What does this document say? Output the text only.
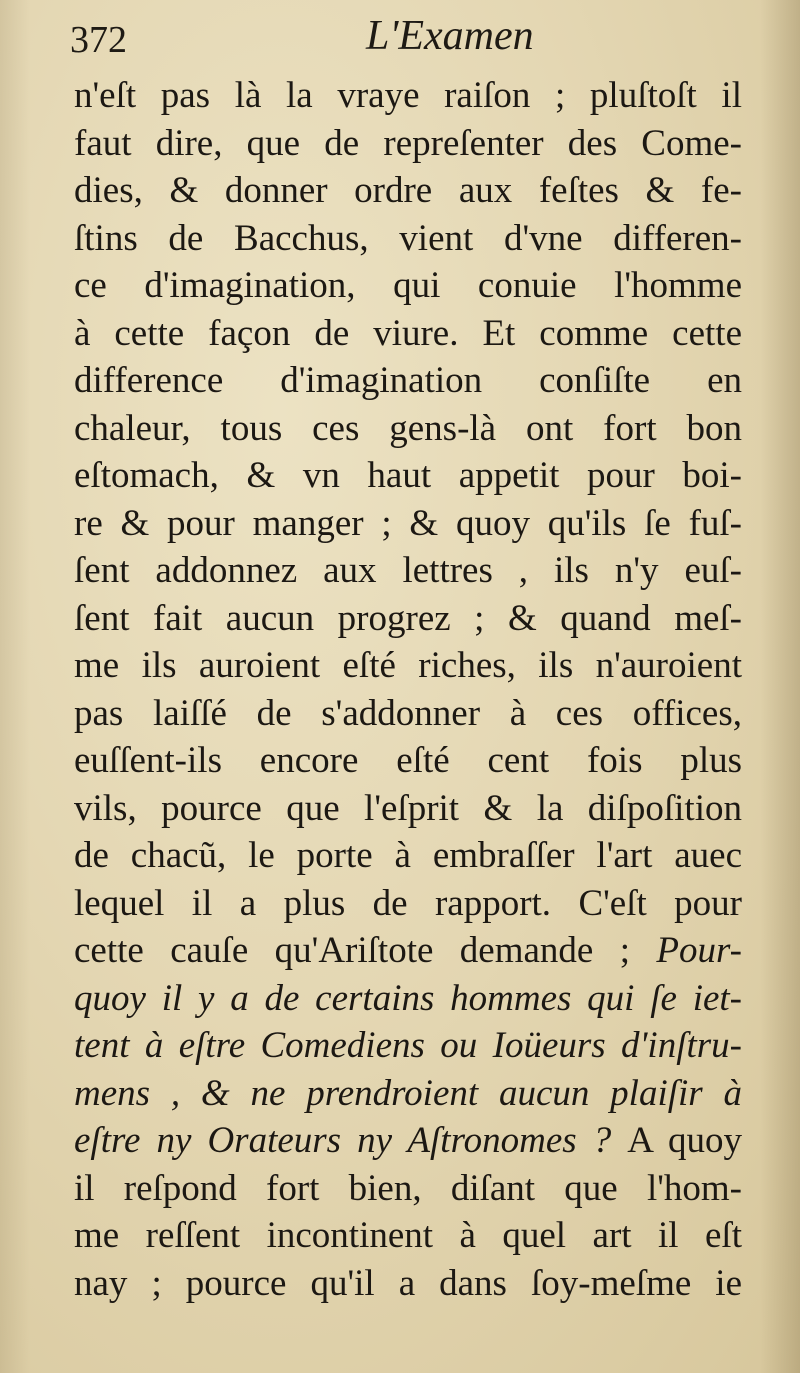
372	L'Examen
n'eſt pas là la vraye raiſon ; pluſtoſt il
faut dire, que de repreſenter des Come-
dies, & donner ordre aux feſtes & fe-
ſtins de Bacchus, vient d'vne differen-
ce d'imagination, qui conuie l'homme
à cette façon de viure. Et comme cette
difference d'imagination conſiſte en
chaleur, tous ces gens-là ont fort bon
eſtomach, & vn haut appetit pour boi-
re & pour manger ; & quoy qu'ils ſe fuſ-
ſent addonnez aux lettres , ils n'y euſ-
ſent fait aucun progrez ; & quand meſ-
me ils auroient eſté riches, ils n'auroient
pas laiſſé de s'addonner à ces offices,
euſſent-ils encore eſté cent fois plus
vils, pource que l'eſprit & la diſpoſition
de chacũ, le porte à embraſſer l'art auec
lequel il a plus de rapport. C'eſt pour
cette cauſe qu'Ariſtote demande ; Pour-
quoy il y a de certains hommes qui ſe iet-
tent à eſtre Comediens ou Ioüeurs d'inſtru-
mens , & ne prendroient aucun plaiſir à
eſtre ny Orateurs ny Aſtronomes ? A quoy
il reſpond fort bien, diſant que l'hom-
me reſſent incontinent à quel art il eſt
nay ; pource qu'il a dans ſoy-meſme ie
